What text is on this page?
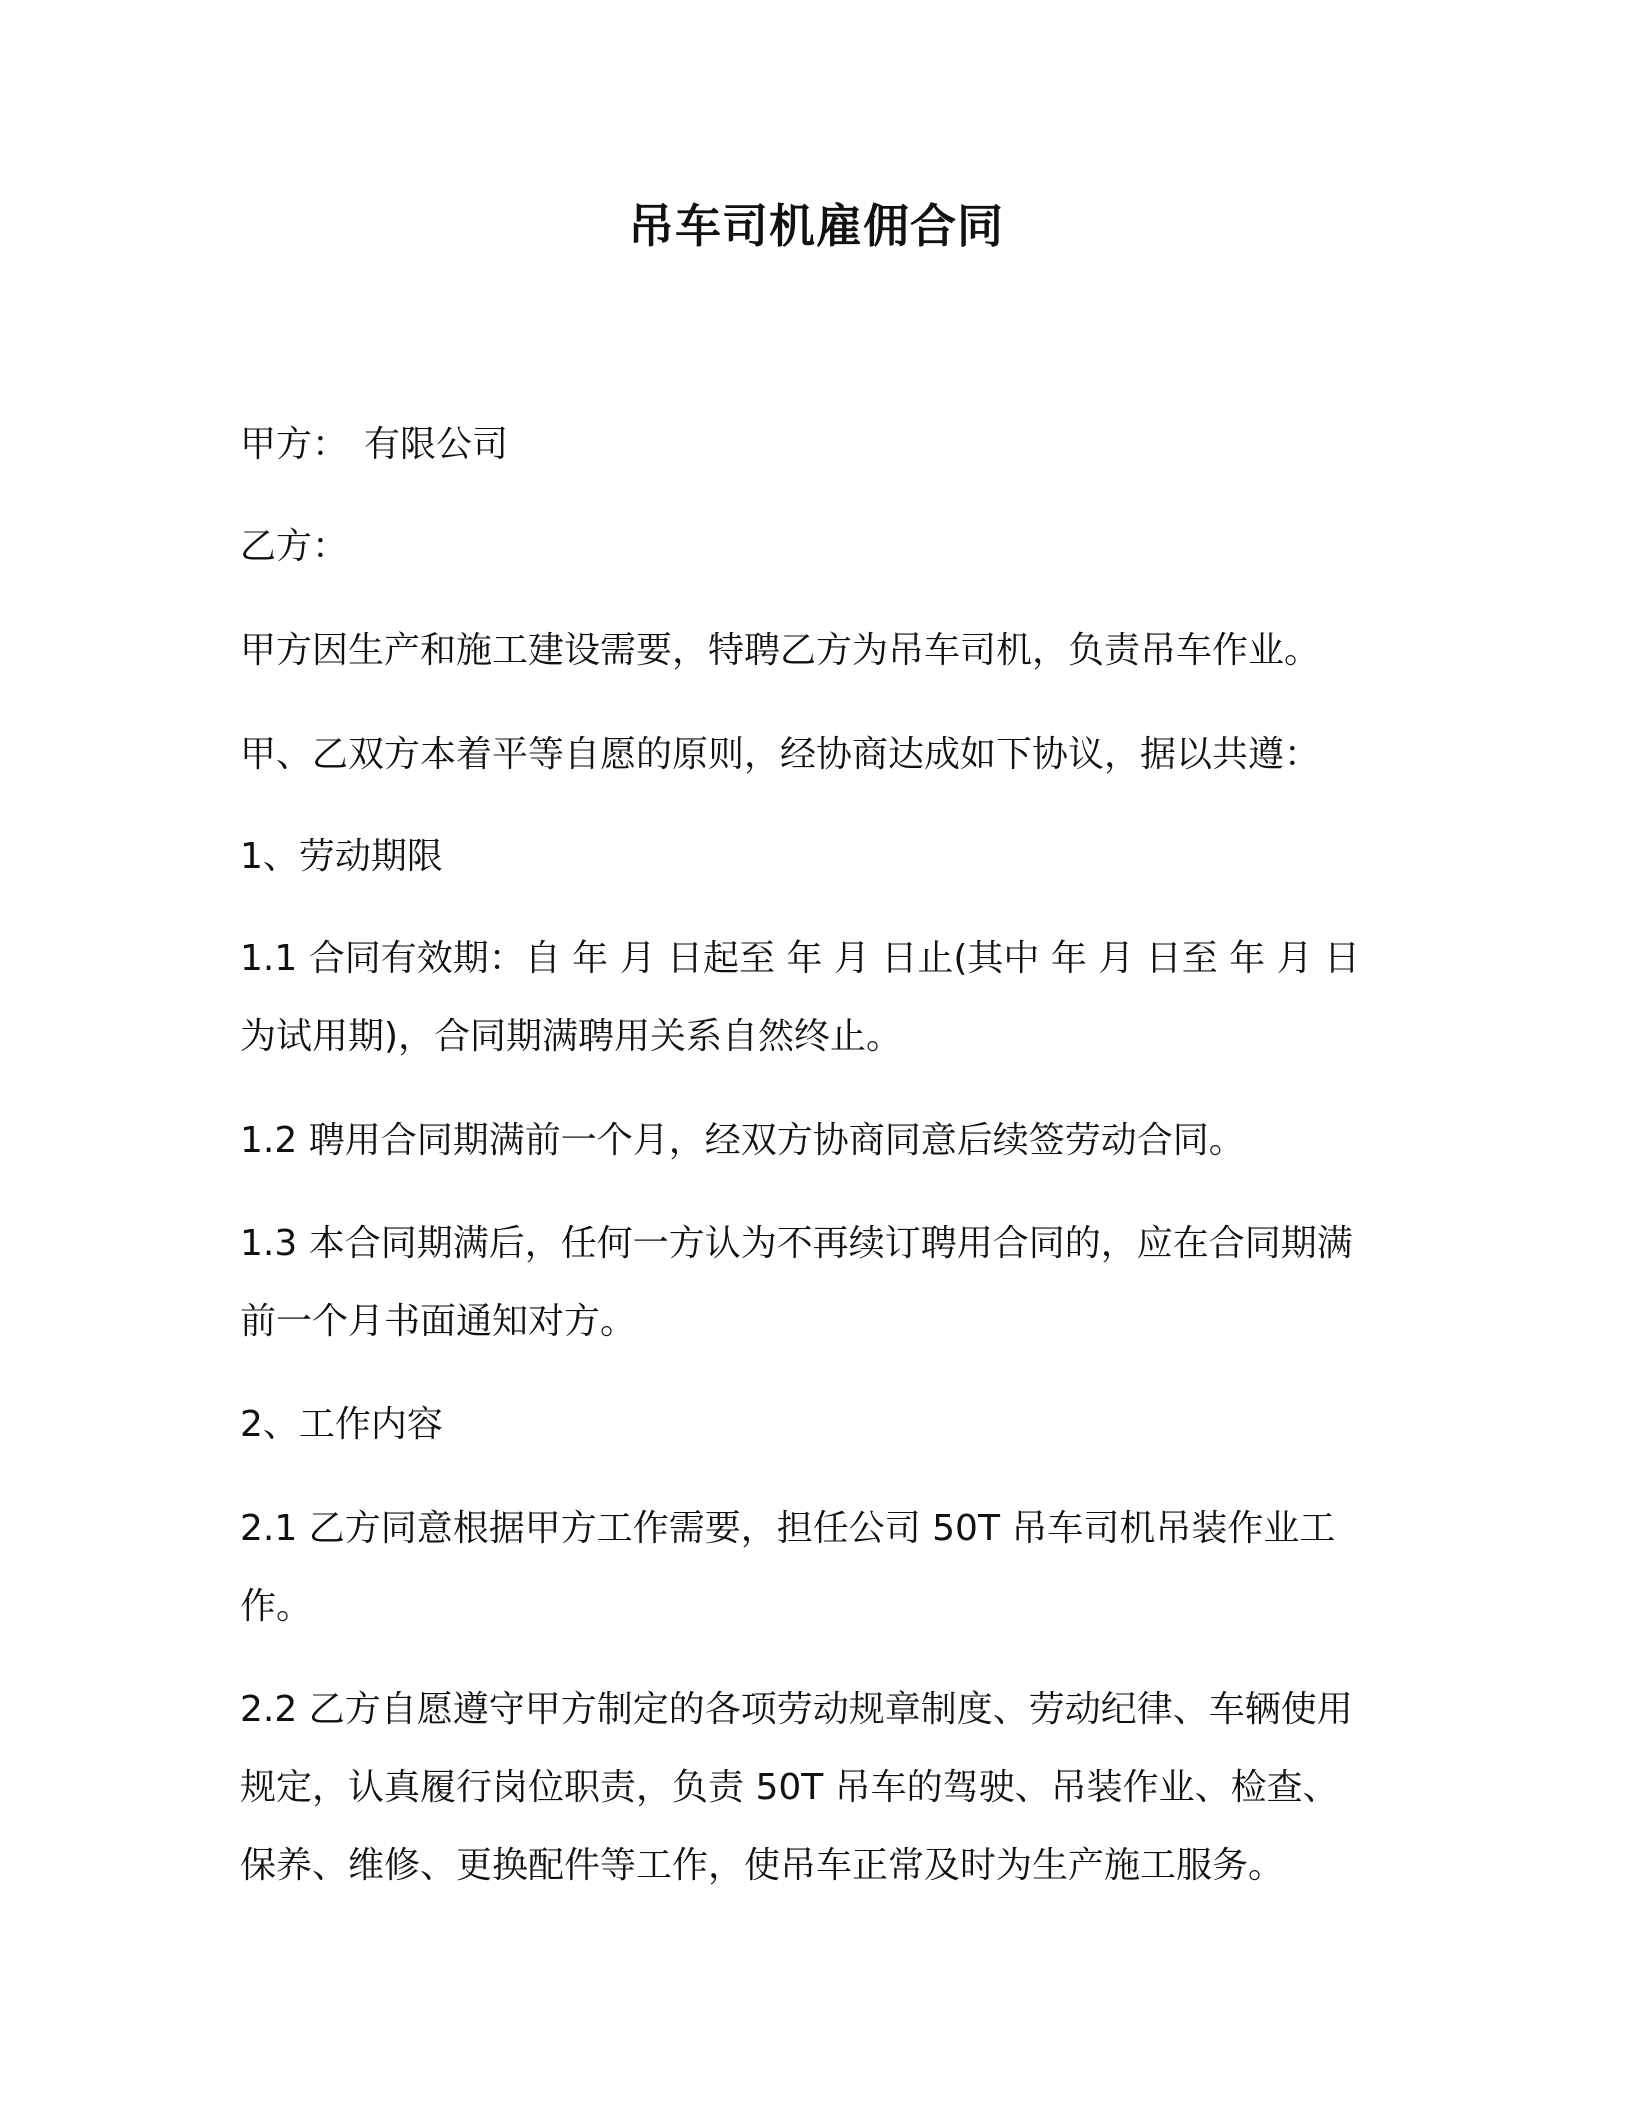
吊车司机雇佣合同
甲方： 有限公司
乙方：
甲方因生产和施工建设需要，特聘乙方为吊车司机，负责吊车作业。
甲、乙双方本着平等自愿的原则，经协商达成如下协议，据以共遵：
1、劳动期限
1.1 合同有效期：自 年 月 日起至 年 月 日止(其中 年 月 日至 年 月 日
为试用期)，合同期满聘用关系自然终止。
1.2 聘用合同期满前一个月，经双方协商同意后续签劳动合同。
1.3 本合同期满后，任何一方认为不再续订聘用合同的，应在合同期满
前一个月书面通知对方。
2、工作内容
2.1 乙方同意根据甲方工作需要，担任公司 50T 吊车司机吊装作业工
作。
2.2 乙方自愿遵守甲方制定的各项劳动规章制度、劳动纪律、车辆使用
规定，认真履行岗位职责，负责 50T 吊车的驾驶、吊装作业、检查、
保养、维修、更换配件等工作，使吊车正常及时为生产施工服务。
